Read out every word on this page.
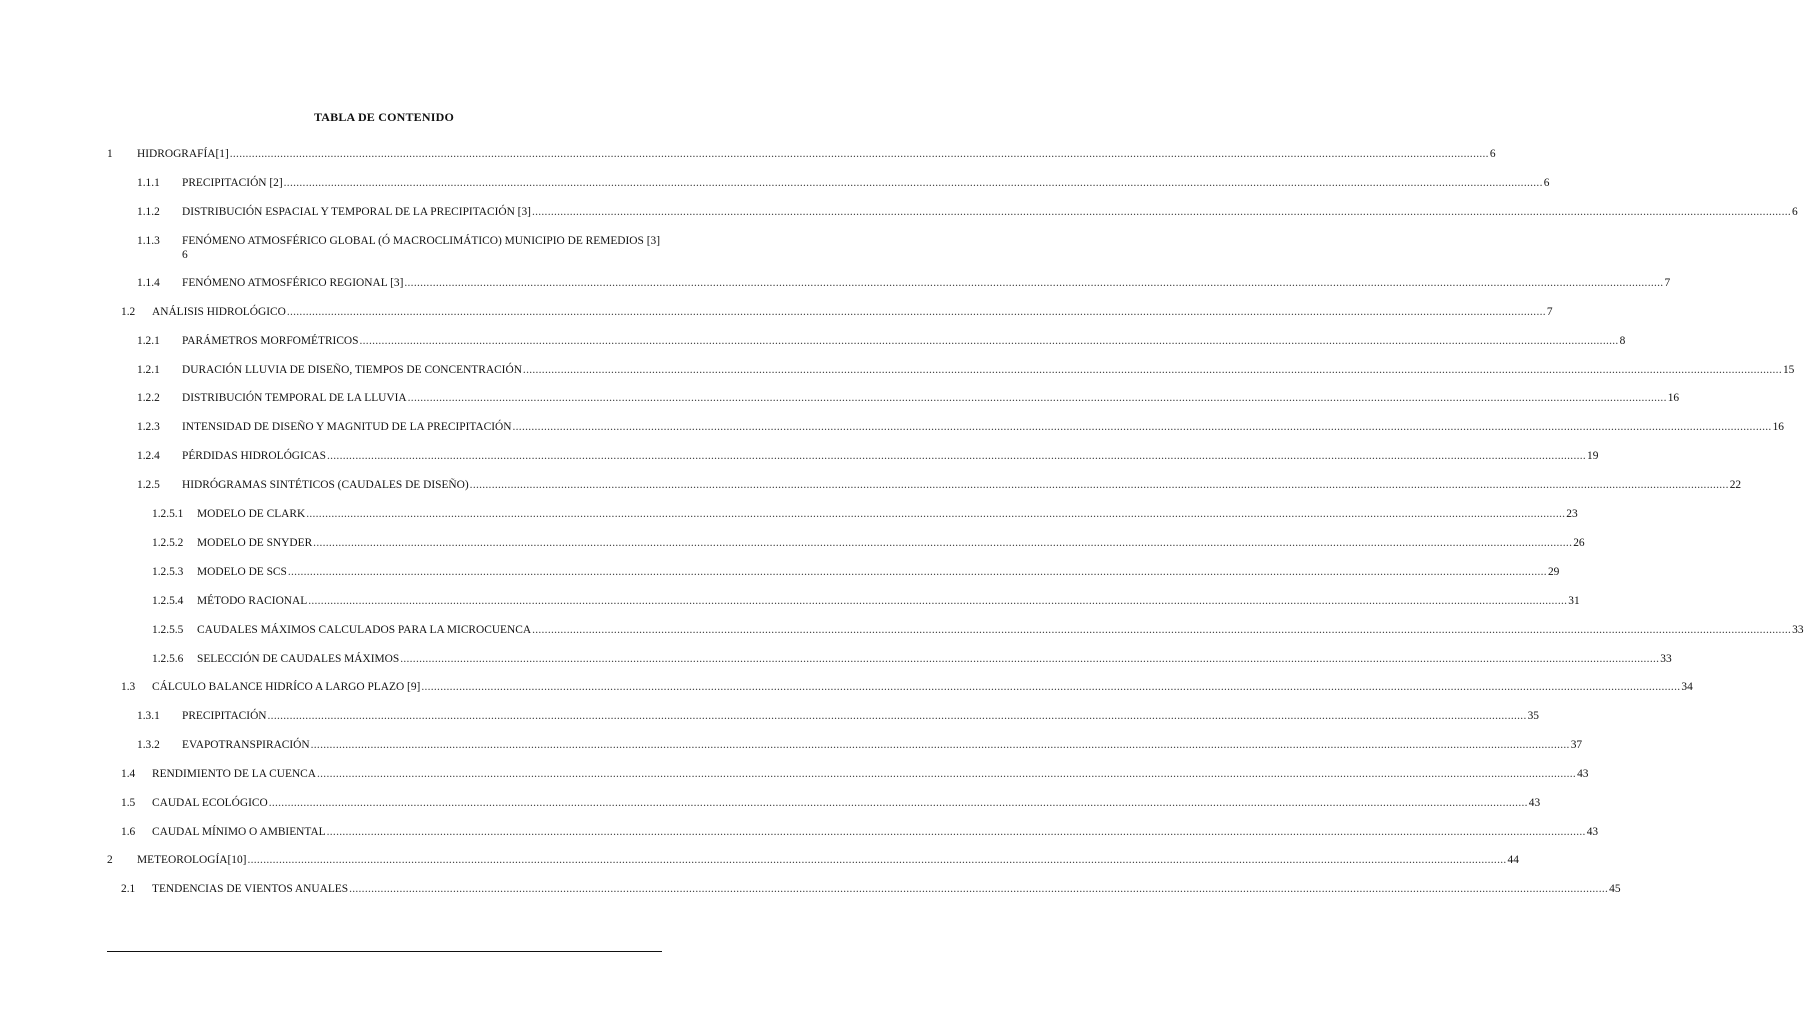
TABLA DE CONTENIDO
1	HIDROGRAFÍA[1] ................................................................................................................................................................................................................................................................................................................................................................................................................ 6
1.1.1	PRECIPITACIÓN [2] ................................................................................................................................................................................................................................................................................................................................................................................................................ 6
1.1.2	DISTRIBUCIÓN ESPACIAL Y TEMPORAL DE LA PRECIPITACIÓN [3] ................................................................................................................................................................................................................................................................................................................................................................................................................ 6
1.1.3	FENÓMENO ATMOSFÉRICO GLOBAL (Ó MACROCLIMÁTICO) MUNICIPIO DE REMEDIOS [3]
6
1.1.4	FENÓMENO ATMOSFÉRICO REGIONAL [3] ................................................................................................................................................................................................................................................................................................................................................................................................................ 7
1.2	ANÁLISIS HIDROLÓGICO ................................................................................................................................................................................................................................................................................................................................................................................................................ 7
1.2.1	PARÁMETROS MORFOMÉTRICOS ................................................................................................................................................................................................................................................................................................................................................................................................................ 8
1.2.1	DURACIÓN LLUVIA DE DISEÑO, TIEMPOS DE CONCENTRACIÓN ................................................................................................................................................................................................................................................................................................................................................................................................................ 15
1.2.2	DISTRIBUCIÓN TEMPORAL DE LA LLUVIA ................................................................................................................................................................................................................................................................................................................................................................................................................ 16
1.2.3	INTENSIDAD DE DISEÑO Y MAGNITUD DE LA PRECIPITACIÓN ................................................................................................................................................................................................................................................................................................................................................................................................................ 16
1.2.4	PÉRDIDAS HIDROLÓGICAS ................................................................................................................................................................................................................................................................................................................................................................................................................ 19
1.2.5	HIDRÓGRAMAS SINTÉTICOS (CAUDALES DE DISEÑO) ................................................................................................................................................................................................................................................................................................................................................................................................................ 22
1.2.5.1	MODELO DE CLARK ................................................................................................................................................................................................................................................................................................................................................................................................................ 23
1.2.5.2	MODELO DE SNYDER ................................................................................................................................................................................................................................................................................................................................................................................................................ 26
1.2.5.3	MODELO DE SCS ................................................................................................................................................................................................................................................................................................................................................................................................................ 29
1.2.5.4	MÉTODO RACIONAL ................................................................................................................................................................................................................................................................................................................................................................................................................ 31
1.2.5.5	CAUDALES MÁXIMOS CALCULADOS PARA LA MICROCUENCA ................................................................................................................................................................................................................................................................................................................................................................................................................ 33
1.2.5.6	SELECCIÓN DE CAUDALES MÁXIMOS ................................................................................................................................................................................................................................................................................................................................................................................................................ 33
1.3	CÁLCULO BALANCE HIDRÍCO A LARGO PLAZO [9] ................................................................................................................................................................................................................................................................................................................................................................................................................ 34
1.3.1	PRECIPITACIÓN ................................................................................................................................................................................................................................................................................................................................................................................................................ 35
1.3.2	EVAPOTRANSPIRACIÓN ................................................................................................................................................................................................................................................................................................................................................................................................................ 37
1.4	RENDIMIENTO DE LA CUENCA ................................................................................................................................................................................................................................................................................................................................................................................................................ 43
1.5	CAUDAL ECOLÓGICO ................................................................................................................................................................................................................................................................................................................................................................................................................ 43
1.6	CAUDAL MÍNIMO O AMBIENTAL ................................................................................................................................................................................................................................................................................................................................................................................................................ 43
2	METEOROLOGÍA[10] ................................................................................................................................................................................................................................................................................................................................................................................................................ 44
2.1	TENDENCIAS DE VIENTOS ANUALES ................................................................................................................................................................................................................................................................................................................................................................................................................ 45
